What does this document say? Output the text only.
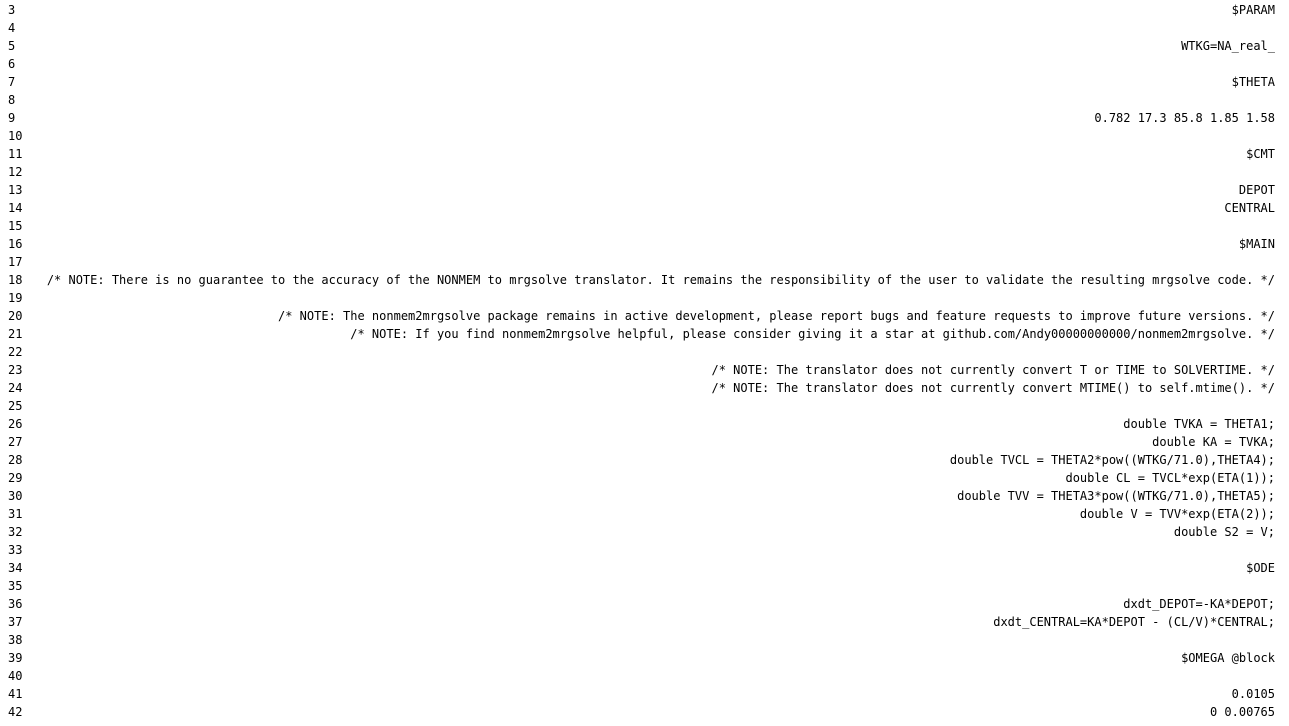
3	$PARAM
4
5	WTKG=NA_real_
6
7	$THETA
8
9	0.782 17.3 85.8 1.85 1.58
10
11	$CMT
12
13	DEPOT
14	CENTRAL
15
16	$MAIN
17
18	/* NOTE: There is no guarantee to the accuracy of the NONMEM to mrgsolve translator. It remains the responsibility of the user to validate the resulting mrgsolve code. */
19
20	/* NOTE: The nonmem2mrgsolve package remains in active development, please report bugs and feature requests to improve future versions. */
21	/* NOTE: If you find nonmem2mrgsolve helpful, please consider giving it a star at github.com/Andy00000000000/nonmem2mrgsolve. */
22
23	/* NOTE: The translator does not currently convert T or TIME to SOLVERTIME. */
24	/* NOTE: The translator does not currently convert MTIME() to self.mtime(). */
25
26	double TVKA = THETA1;
27	double KA = TVKA;
28	double TVCL = THETA2*pow((WTKG/71.0),THETA4);
29	double CL = TVCL*exp(ETA(1));
30	double TVV = THETA3*pow((WTKG/71.0),THETA5);
31	double V = TVV*exp(ETA(2));
32	double S2 = V;
33
34	$ODE
35
36	dxdt_DEPOT=-KA*DEPOT;
37	dxdt_CENTRAL=KA*DEPOT - (CL/V)*CENTRAL;
38
39	$OMEGA @block
40
41	0.0105
42	0 0.00765
